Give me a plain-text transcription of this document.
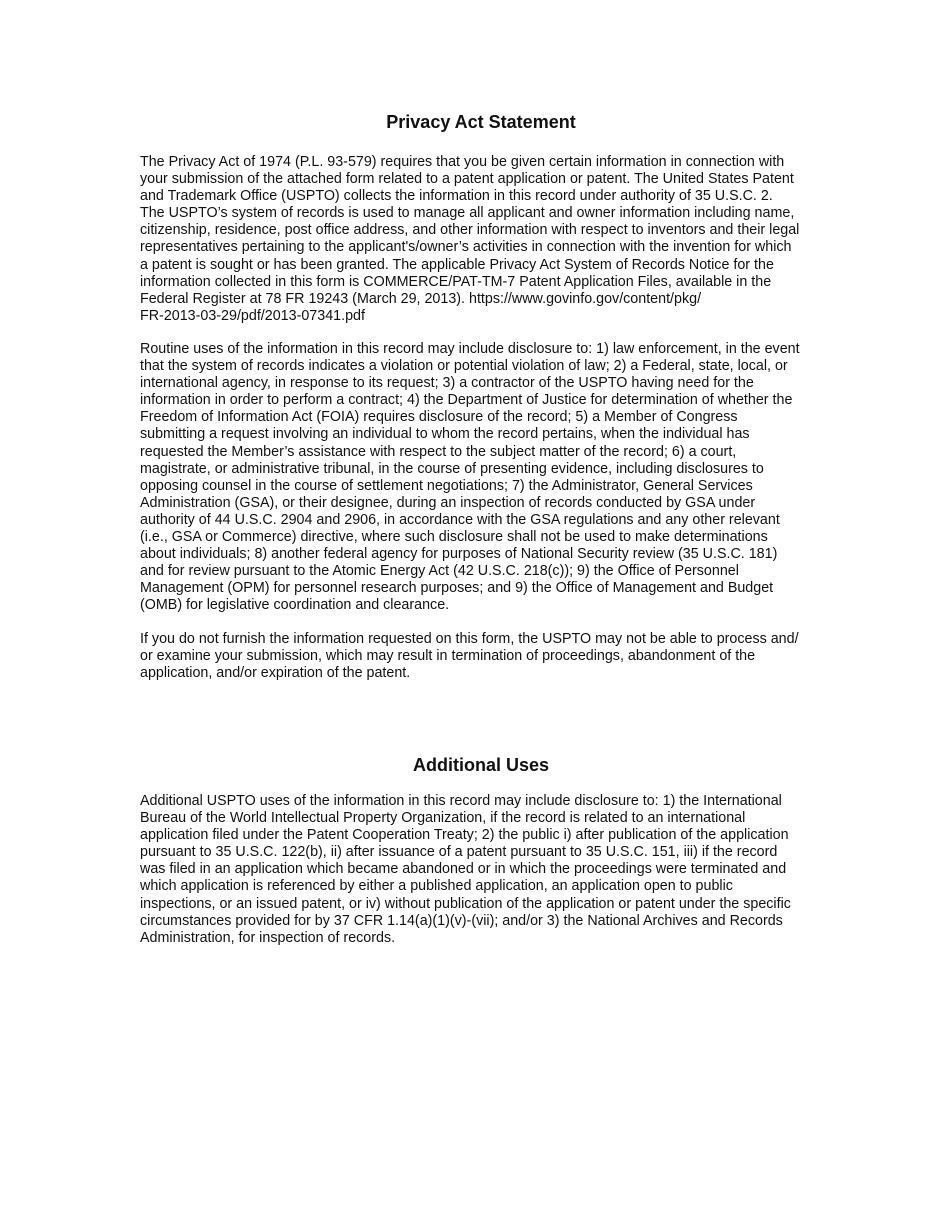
Privacy Act Statement
The Privacy Act of 1974 (P.L. 93-579) requires that you be given certain information in connection with
your submission of the attached form related to a patent application or patent. The United States Patent
and Trademark Office (USPTO) collects the information in this record under authority of 35 U.S.C. 2.
The USPTO’s system of records is used to manage all applicant and owner information including name,
citizenship, residence, post office address, and other information with respect to inventors and their legal
representatives pertaining to the applicant's/owner’s activities in connection with the invention for which
a patent is sought or has been granted. The applicable Privacy Act System of Records Notice for the
information collected in this form is COMMERCE/PAT-TM-7 Patent Application Files, available in the
Federal Register at 78 FR 19243 (March 29, 2013). https://www.govinfo.gov/content/pkg/
FR-2013-03-29/pdf/2013-07341.pdf
Routine uses of the information in this record may include disclosure to: 1) law enforcement, in the event
that the system of records indicates a violation or potential violation of law; 2) a Federal, state, local, or
international agency, in response to its request; 3) a contractor of the USPTO having need for the
information in order to perform a contract; 4) the Department of Justice for determination of whether the
Freedom of Information Act (FOIA) requires disclosure of the record; 5) a Member of Congress
submitting a request involving an individual to whom the record pertains, when the individual has
requested the Member’s assistance with respect to the subject matter of the record; 6) a court,
magistrate, or administrative tribunal, in the course of presenting evidence, including disclosures to
opposing counsel in the course of settlement negotiations; 7) the Administrator, General Services
Administration (GSA), or their designee, during an inspection of records conducted by GSA under
authority of 44 U.S.C. 2904 and 2906, in accordance with the GSA regulations and any other relevant
(i.e., GSA or Commerce) directive, where such disclosure shall not be used to make determinations
about individuals; 8) another federal agency for purposes of National Security review (35 U.S.C. 181)
and for review pursuant to the Atomic Energy Act (42 U.S.C. 218(c)); 9) the Office of Personnel
Management (OPM) for personnel research purposes; and 9) the Office of Management and Budget
(OMB) for legislative coordination and clearance.
If you do not furnish the information requested on this form, the USPTO may not be able to process and/
or examine your submission, which may result in termination of proceedings, abandonment of the
application, and/or expiration of the patent.
Additional Uses
Additional USPTO uses of the information in this record may include disclosure to: 1) the International
Bureau of the World Intellectual Property Organization, if the record is related to an international
application filed under the Patent Cooperation Treaty; 2) the public i) after publication of the application
pursuant to 35 U.S.C. 122(b), ii) after issuance of a patent pursuant to 35 U.S.C. 151, iii) if the record
was filed in an application which became abandoned or in which the proceedings were terminated and
which application is referenced by either a published application, an application open to public
inspections, or an issued patent, or iv) without publication of the application or patent under the specific
circumstances provided for by 37 CFR 1.14(a)(1)(v)-(vii); and/or 3) the National Archives and Records
Administration, for inspection of records.
